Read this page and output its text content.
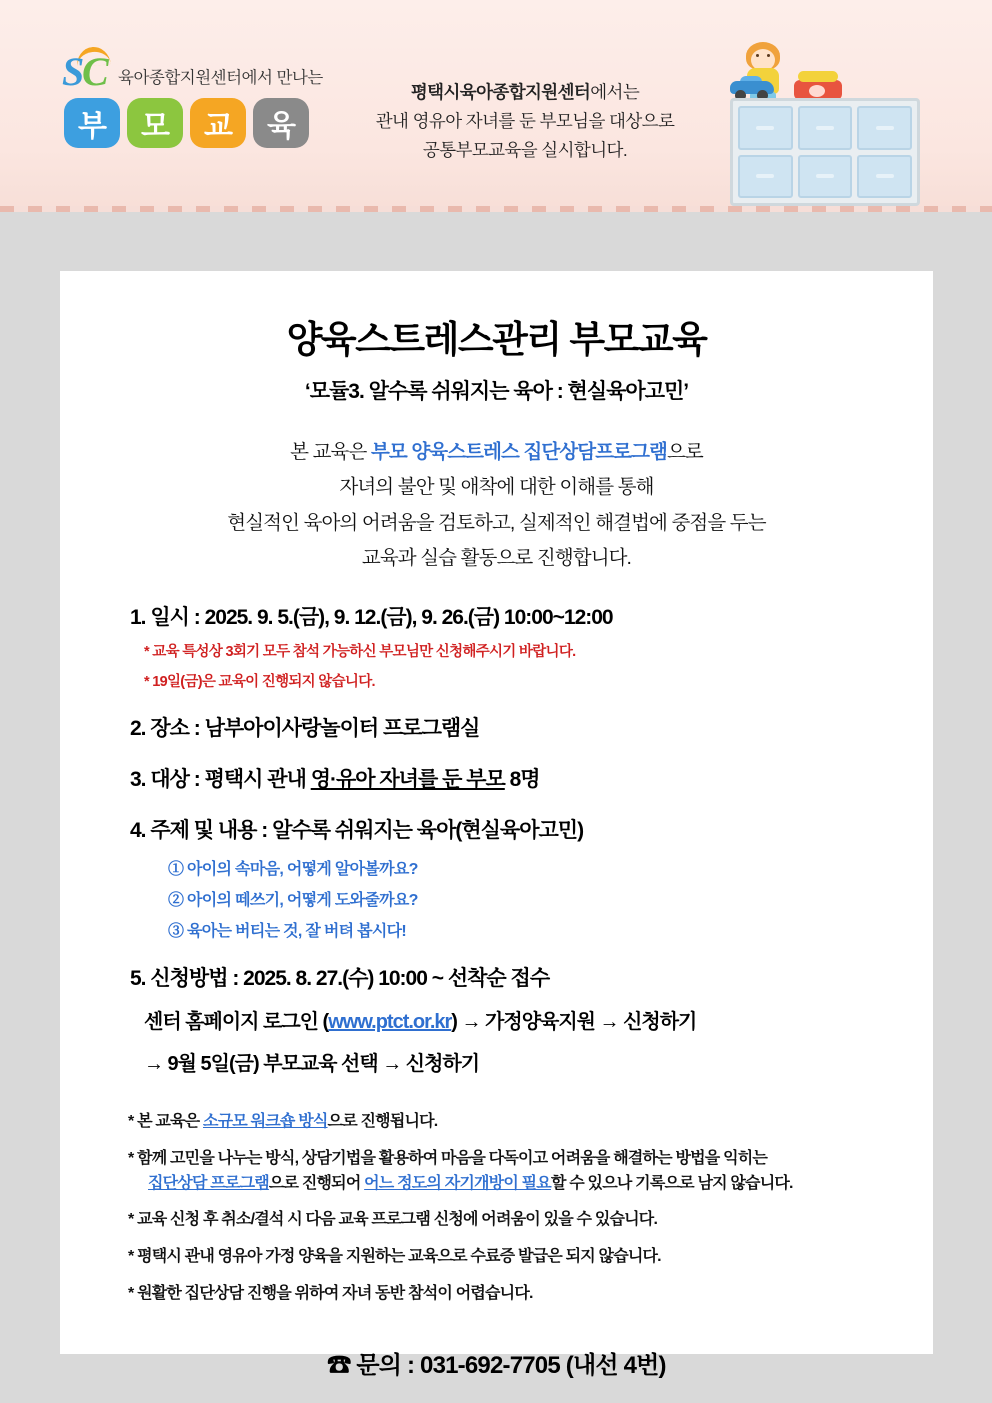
S
C 육아종합지원센터에서 만나는
부	모	교	육
평택시육아종합지원센터에서는
관내 영유아 자녀를 둔 부모님을 대상으로
공통부모교육을 실시합니다.
양육스트레스관리 부모교육
‘모듈3. 알수록 쉬워지는 육아 : 현실육아고민’
본 교육은 부모 양육스트레스 집단상담프로그램으로
자녀의 불안 및 애착에 대한 이해를 통해
현실적인 육아의 어려움을 검토하고, 실제적인 해결법에 중점을 두는
교육과 실습 활동으로 진행합니다.
1. 일시 : 2025. 9. 5.(금), 9. 12.(금), 9. 26.(금) 10:00~12:00
* 교육 특성상 3회기 모두 참석 가능하신 부모님만 신청해주시기 바랍니다.
* 19일(금)은 교육이 진행되지 않습니다.
2. 장소 : 남부아이사랑놀이터 프로그램실
3. 대상 : 평택시 관내 영·유아 자녀를 둔 부모 8명
4. 주제 및 내용 : 알수록 쉬워지는 육아(현실육아고민)
① 아이의 속마음, 어떻게 알아볼까요?
② 아이의 떼쓰기, 어떻게 도와줄까요?
③ 육아는 버티는 것, 잘 버텨 봅시다!
5. 신청방법 : 2025. 8. 27.(수) 10:00 ~ 선착순 접수
센터 홈페이지 로그인 (www.ptct.or.kr) → 가정양육지원 → 신청하기
→ 9월 5일(금) 부모교육 선택 → 신청하기
* 본 교육은 소규모 워크숍 방식으로 진행됩니다.
* 함께 고민을 나누는 방식, 상담기법을 활용하여 마음을 다독이고 어려움을 해결하는 방법을 익히는
집단상담 프로그램으로 진행되어 어느 정도의 자기개방이 필요할 수 있으나 기록으로 남지 않습니다.
* 교육 신청 후 취소/결석 시 다음 교육 프로그램 신청에 어려움이 있을 수 있습니다.
* 평택시 관내 영유아 가정 양육을 지원하는 교육으로 수료증 발급은 되지 않습니다.
* 원활한 집단상담 진행을 위하여 자녀 동반 참석이 어렵습니다.
☎ 문의 : 031-692-7705 (내선 4번)
